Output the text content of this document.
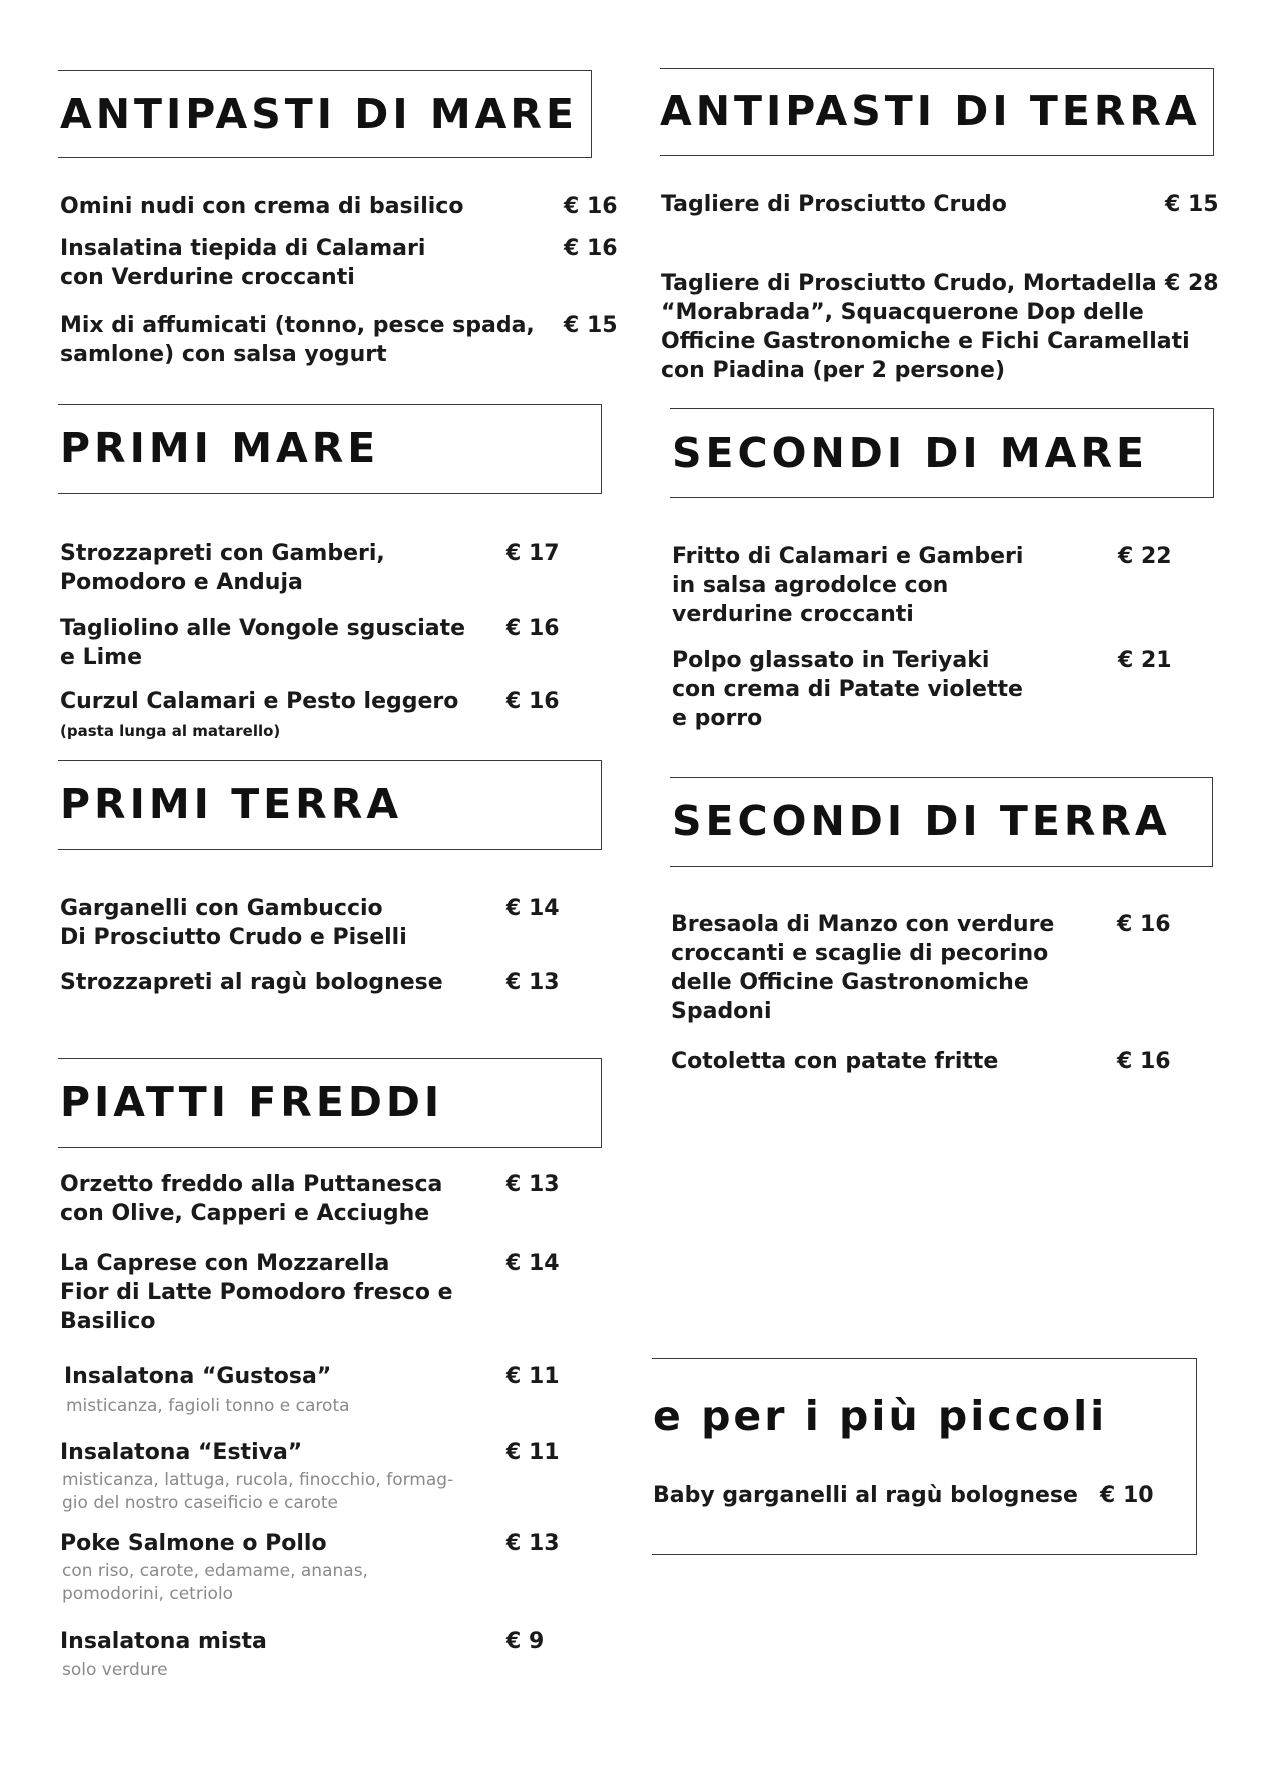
ANTIPASTI DI MARE
Omini nudi con crema di basilico	€ 16
Insalatina tiepida di Calamari
con Verdurine croccanti
€ 16
Mix di affumicati (tonno, pesce spada,
samlone) con salsa yogurt
€ 15
ANTIPASTI DI TERRA
Tagliere di Prosciutto Crudo	€ 15
Tagliere di Prosciutto Crudo, Mortadella
“Morabrada”, Squacquerone Dop delle
Officine Gastronomiche e Fichi Caramellati
con Piadina (per 2 persone)
€ 28
PRIMI MARE
Strozzapreti con Gamberi,
Pomodoro e Anduja
€ 17
Tagliolino alle Vongole sgusciate
e Lime
€ 16
Curzul Calamari e Pesto leggero € 16
(pasta lunga al matarello)
SECONDI DI MARE
Fritto di Calamari e Gamberi
in salsa agrodolce con
verdurine croccanti
€ 22
Polpo glassato in Teriyaki
con crema di Patate violette
e porro
€ 21
PRIMI TERRA
Garganelli con Gambuccio
Di Prosciutto Crudo e Piselli
€ 14
Strozzapreti al ragù bolognese	€ 13
SECONDI DI TERRA
Bresaola di Manzo con verdure
croccanti e scaglie di pecorino
delle Officine Gastronomiche
Spadoni
€ 16
Cotoletta con patate fritte	€ 16
PIATTI FREDDI
Orzetto freddo alla Puttanesca
con Olive, Capperi e Acciughe
€ 13
La Caprese con Mozzarella
Fior di Latte Pomodoro fresco e
Basilico
€ 14
Insalatona “Gustosa”	€ 11
misticanza, fagioli tonno e carota
Insalatona “Estiva”	€ 11
misticanza, lattuga, rucola, finocchio, formag-
gio del nostro caseificio e carote
Poke Salmone o Pollo	€ 13
con riso, carote, edamame, ananas,
pomodorini, cetriolo
Insalatona mista	€ 9
solo verdure
e per i più piccoli
Baby garganelli al ragù bolognese € 10
